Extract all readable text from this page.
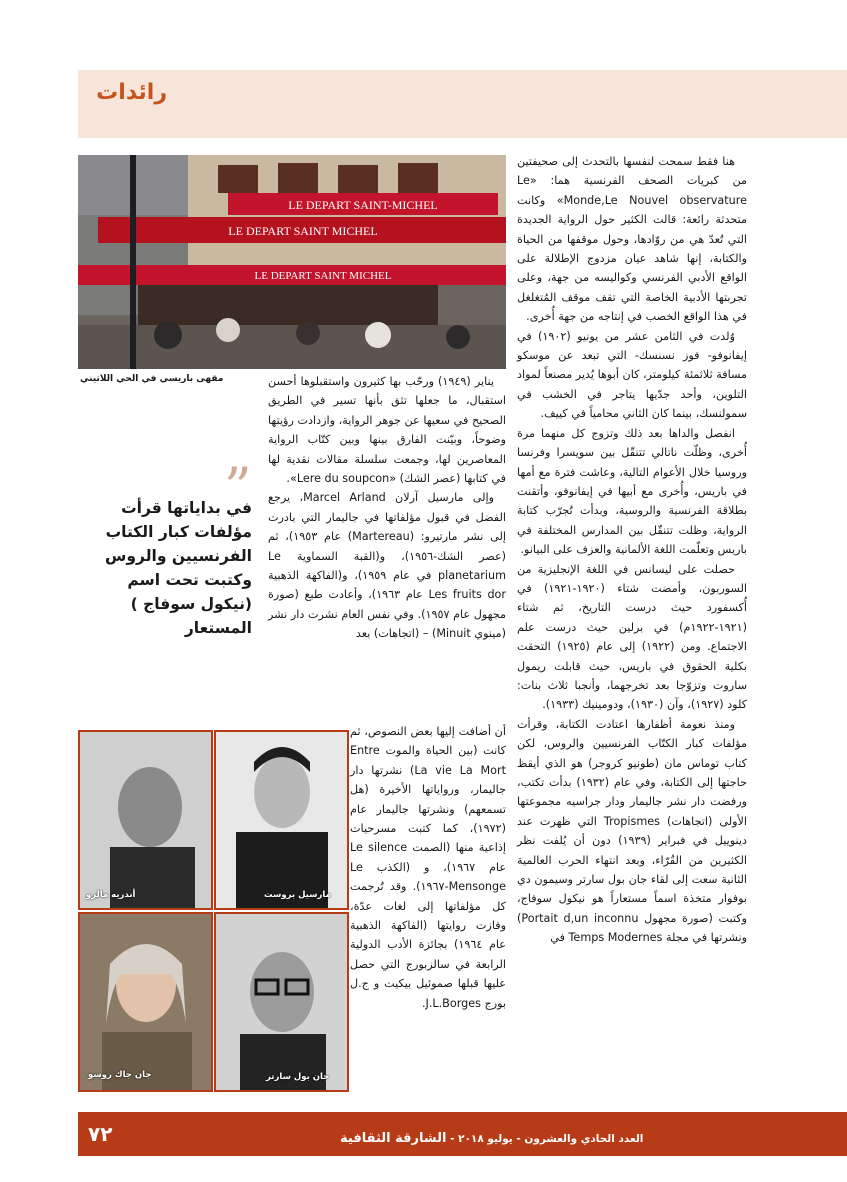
رائدات
LE DEPART SAINT-MICHEL
LE DEPART SAINT MICHEL
LE DEPART SAINT MICHEL
مقهى باريسي في الحي اللاتيني

هنا فقط سمحت لنفسها بالتحدث إلى صحيفتين من كبريات الصحف الفرنسية هما: «Le Monde,Le Nouvel observature» وكانت متحدثة رائعة: قالت الكثير حول الرواية الجديدة التي تُعدّ هي من روّادها، وحول موقفها من الحياة والكتابة، إنها شاهد عيان مزدوج الإطلالة على الواقع الأدبي الفرنسي وكواليسه من جهة، وعلى تجربتها الأدبية الخاصة التي تقف موقف المُتغلغل في هذا الواقع الخصب في إنتاجه من جهة أُخرى.

وُلدت في الثامن عشر من يونيو (١٩٠٢) في إيفانوفو- فوز نسنسك- التي تبعد عن موسكو مسافة ثلاثمئة كيلومتر، كان أبوها يُدير مصنعاً لمواد التلوين، وأحد جدّيها يتاجر في الخشب في سمولنسك، بينما كان الثاني محامياً في كييف.

انفصل والداها بعد ذلك وتزوج كل منهما مرة أُخرى، وظلّت ناتالي تتنقّل بين سويسرا وفرنسا وروسيا خلال الأعوام التالية، وعاشت فترة مع أمها في باريس، وأُخرى مع أبيها في إيفانوفو، وأتقنت بطلاقة الفرنسية والروسية، وبدأت تُجرّب كتابة الرواية، وظلت تتنقّل بين المدارس المختلفة في باريس وتعلّمت اللغة الألمانية والعزف على البيانو.

حصلت على ليسانس في اللغة الإنجليزية من السوربون، وأمضت شتاء (١٩٢٠-١٩٢١) في أُكسفورد حيث درست التاريخ، ثم شتاء (١٩٢١-١٩٢٢م) في برلين حيث درست علم الاجتماع. ومن (١٩٢٢) إلى عام (١٩٢٥) التحقت بكلية الحقوق في باريس، حيث قابلت ريمول ساروت وتزوّجا بعد تخرجهما، وأنجبا ثلاث بنات: كلود (١٩٢٧)، وآن (١٩٣٠)، ودومينيك (١٩٣٣).

ومنذ نعومة أظفارها اعتادت الكتابة، وقرأت مؤلفات كبار الكتّاب الفرنسيين والروس، لكن كتاب توماس مان (طونيو كروجر) هو الذي أيقظ حاجتها إلى الكتابة، وفي عام (١٩٣٢) بدأت تكتب، ورفضت دار نشر جاليمار ودار جراسيه مجموعتها الأولى (اتجاهات) Tropismes التي ظهرت عند دينوييل في فبراير (١٩٣٩) دون أن يُلفت نظر الكثيرين من القُرّاء، وبعد انتهاء الحرب العالمية الثانية سعت إلى لقاء جان بول سارتر وسيمون دي بوفوار متخذة اسماً مستعاراً هو نيكول سوفاج، وكتبت (صورة مجهول Portait d,un inconnu) ونشرتها في مجلة Temps Modernes في

يناير (١٩٤٩) ورحّب بها كثيرون واستقبلوها أحسن استقبال، ما جعلها تثق بأنها تسير في الطريق الصحيح في سعيها عن جوهر الرواية، وازدادت رؤيتها وضوحاً، وبيّنت الفارق بينها وبين كتّاب الرواية المعاصرين لها، وجمعت سلسلة مقالات نقدية لها في كتابها (عصر الشك) «Lere du soupcon».

وإلى مارسيل آرلان Marcel Arland، يرجع الفضل في قبول مؤلفاتها في جاليمار التي بادرت إلى نشر مارتيرو: (Martereau) عام ١٩٥٣)، ثم (عصر الشك-١٩٥٦)، و(القبة السماوية Le planetarium في عام ١٩٥٩)، و(الفاكهة الذهبية Les fruits dor عام ١٩٦٣)، وأعادت طبع (صورة مجهول عام ١٩٥٧). وفي نفس العام نشرت دار نشر (مينوي Minuit) – (اتجاهات) بعد

أن أضافت إليها بعض النصوص، ثم كانت (بين الحياة والموت Entre La vie La Mort) نشرتها دار جاليمار، ورواياتها الأخيرة (هل تسمعهم) ونشرتها جاليمار عام (١٩٧٢)، كما كتبت مسرحيات إذاعية منها (الصمت Le silence عام ١٩٦٧)، و (الكذب Le Mensonge-١٩٦٧). وقد تُرجمت كل مؤلفاتها إلى لغات عدّة، وفازت روايتها (الفاكهة الذهبية عام ١٩٦٤) بجائزة الأدب الدولية الرابعة في سالزبورج التي حصل عليها قبلها صموئيل بيكيت و ج.ل بورج J.L.Borges.

”
في بداياتها قرأت مؤلفات كبار الكتاب الفرنسيين والروس وكتبت تحت اسم (نيكول سوفاج ) المستعار
أندريه مالرو	مارسيل بروست
جان جاك روسو	جان بول سارتر
العدد الحادي والعشرون - يوليو ٢٠١٨ - الشارقة الثقافية
٧٢
